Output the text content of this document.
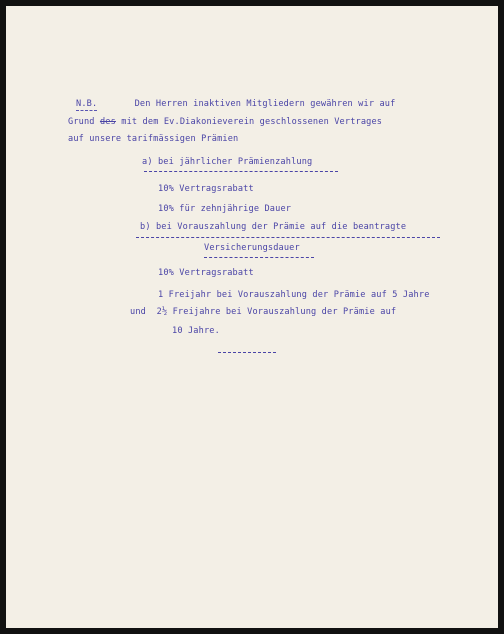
N.B.	Den Herren inaktiven Mitgliedern gewähren wir auf
Grund des mit dem Ev.Diakonieverein geschlossenen Vertrages
auf unsere tarifmässigen Prämien
a) bei jährlicher Prämienzahlung
10% Vertragsrabatt
10% für zehnjährige Dauer
b) bei Vorauszahlung der Prämie auf die beantragte
Versicherungsdauer
10% Vertragsrabatt
1 Freijahr bei Vorauszahlung der Prämie auf 5 Jahre
und 2½ Freijahre bei Vorauszahlung der Prämie auf
10 Jahre.
